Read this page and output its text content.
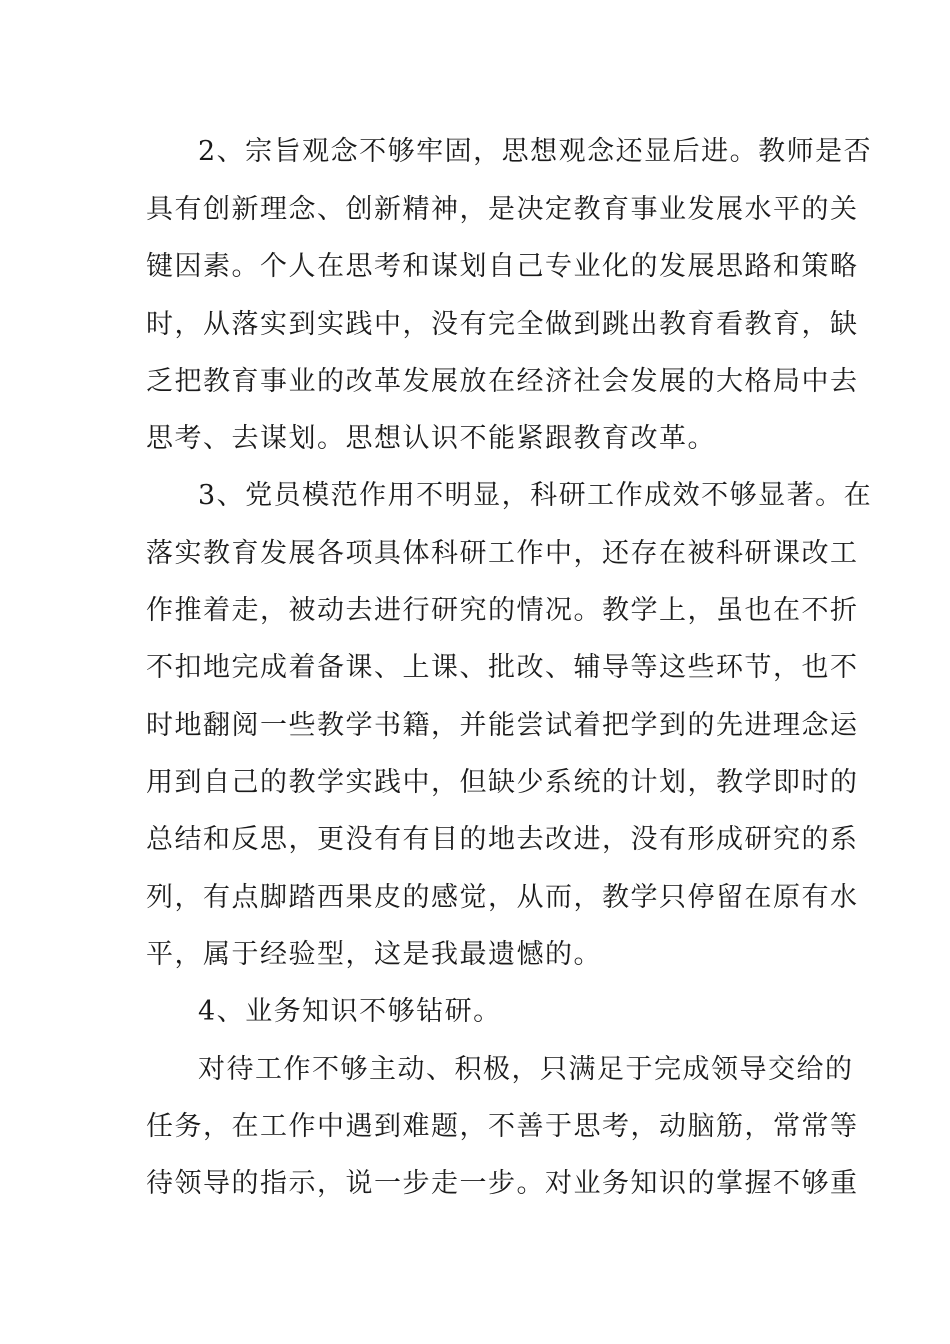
2、宗旨观念不够牢固，思想观念还显后进。教师是否
具有创新理念、创新精神，是决定教育事业发展水平的关
键因素。个人在思考和谋划自己专业化的发展思路和策略
时，从落实到实践中，没有完全做到跳出教育看教育，缺
乏把教育事业的改革发展放在经济社会发展的大格局中去
思考、去谋划。思想认识不能紧跟教育改革。
3、党员模范作用不明显，科研工作成效不够显著。在
落实教育发展各项具体科研工作中，还存在被科研课改工
作推着走，被动去进行研究的情况。教学上，虽也在不折
不扣地完成着备课、上课、批改、辅导等这些环节，也不
时地翻阅一些教学书籍，并能尝试着把学到的先进理念运
用到自己的教学实践中，但缺少系统的计划，教学即时的
总结和反思，更没有有目的地去改进，没有形成研究的系
列，有点脚踏西果皮的感觉，从而，教学只停留在原有水
平，属于经验型，这是我最遗憾的。
4、业务知识不够钻研。
对待工作不够主动、积极，只满足于完成领导交给的
任务，在工作中遇到难题，不善于思考，动脑筋，常常等
待领导的指示，说一步走一步。对业务知识的掌握不够重
